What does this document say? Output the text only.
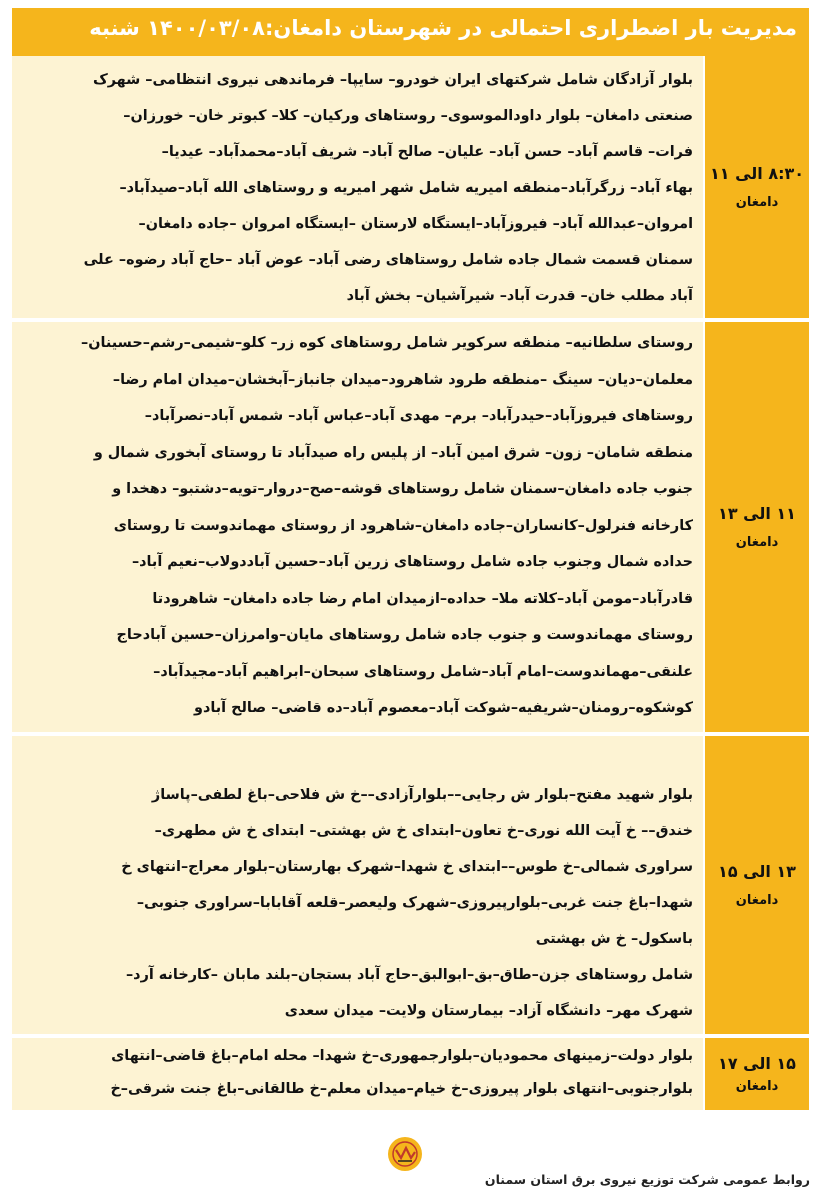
مدیریت بار اضطراری احتمالی در شهرستان دامغان:۱۴۰۰/۰۳/۰۸ شنبه
بلوار آزادگان شامل شرکتهای ایران خودرو– سایپا– فرماندهی نیروی انتظامی– شهرک
صنعتی دامغان– بلوار داودالموسوی– روستاهای ورکیان– کلا– کبوتر خان– خورزان–
فرات– قاسم آباد– حسن آباد– علیان– صالح آباد– شریف آباد–محمدآباد– عیدیا–
بهاء آباد– زرگرآباد–منطقه امیریه شامل شهر امیریه و روستاهای الله آباد–صیدآباد–
امروان–عبدالله آباد– فیروزآباد–ایستگاه لارستان –ایستگاه امروان –جاده دامغان–
سمنان قسمت شمال جاده شامل روستاهای رضی آباد– عوض آباد –حاج آباد رضوه– علی
آباد مطلب خان– قدرت آباد– شیرآشیان– بخش آباد
۸:۳۰ الی ۱۱
دامغان
روستای سلطانیه– منطقه سرکویر شامل روستاهای کوه زر– کلو–شیمی–رشم–حسینان–
معلمان–دیان– سینگ –منطقه طرود شاهرود–میدان جانباز–آبخشان–میدان امام رضا–
روستاهای فیروزآباد–حیدرآباد– برم– مهدی آباد–عباس آباد– شمس آباد–نصرآباد–
منطقه شامان– زون– شرق امین آباد– از پلیس راه صیدآباد تا روستای آبخوری شمال و
جنوب جاده دامغان–سمنان شامل روستاهای قوشه–صح–دروار–تویه–دشتبو– دهخدا و
کارخانه فنرلول–کانساران–جاده دامغان–شاهرود از روستای مهماندوست تا روستای
حداده شمال وجنوب جاده شامل روستاهای زرین آباد–حسین آباددولاب–نعیم آباد–
قادرآباد–مومن آباد–کلاته ملا– حداده–ازمیدان امام رضا جاده دامغان– شاهرودتا
روستای مهماندوست و جنوب جاده شامل روستاهای مایان–وامرزان–حسین آبادحاج
علنقی–مهماندوست–امام آباد–شامل روستاهای سبحان–ابراهیم آباد–مجیدآباد–
کوشکوه–رومنان–شریفیه–شوکت آباد–معصوم آباد–ده قاضی– صالح آبادو
۱۱ الی ۱۳
دامغان
بلوار شهید مفتح–بلوار ش رجایی––بلوارآزادی––خ ش فلاحی–باغ لطفی–پاساژ
خندق–– خ آیت الله نوری–خ تعاون–ابتدای خ ش بهشتی– ابتدای خ ش مطهری–
سراوری شمالی–خ طوس––ابتدای خ شهدا–شهرک بهارستان–بلوار معراج–انتهای خ
شهدا–باغ جنت غربی–بلوارپیروزی–شهرک ولیعصر–قلعه آقابابا–سراوری جنوبی–
باسکول– خ ش بهشتی
شامل روستاهای جزن–طاق–بق–ابوالبق–حاج آباد بستجان–بلند مابان –کارخانه آرد–
شهرک مهر– دانشگاه آزاد– بیمارستان ولایت– میدان سعدی
۱۳ الی ۱۵
دامغان
بلوار دولت–زمینهای محمودیان–بلوارجمهوری–خ شهدا– محله امام–باغ قاضی–انتهای
بلوارجنوبی–انتهای بلوار پیروزی–خ خیام–میدان معلم–خ طالقانی–باغ جنت شرقی–خ
۱۵ الی ۱۷
دامغان
روابط عمومی شرکت توزیع نیروی برق استان سمنان
